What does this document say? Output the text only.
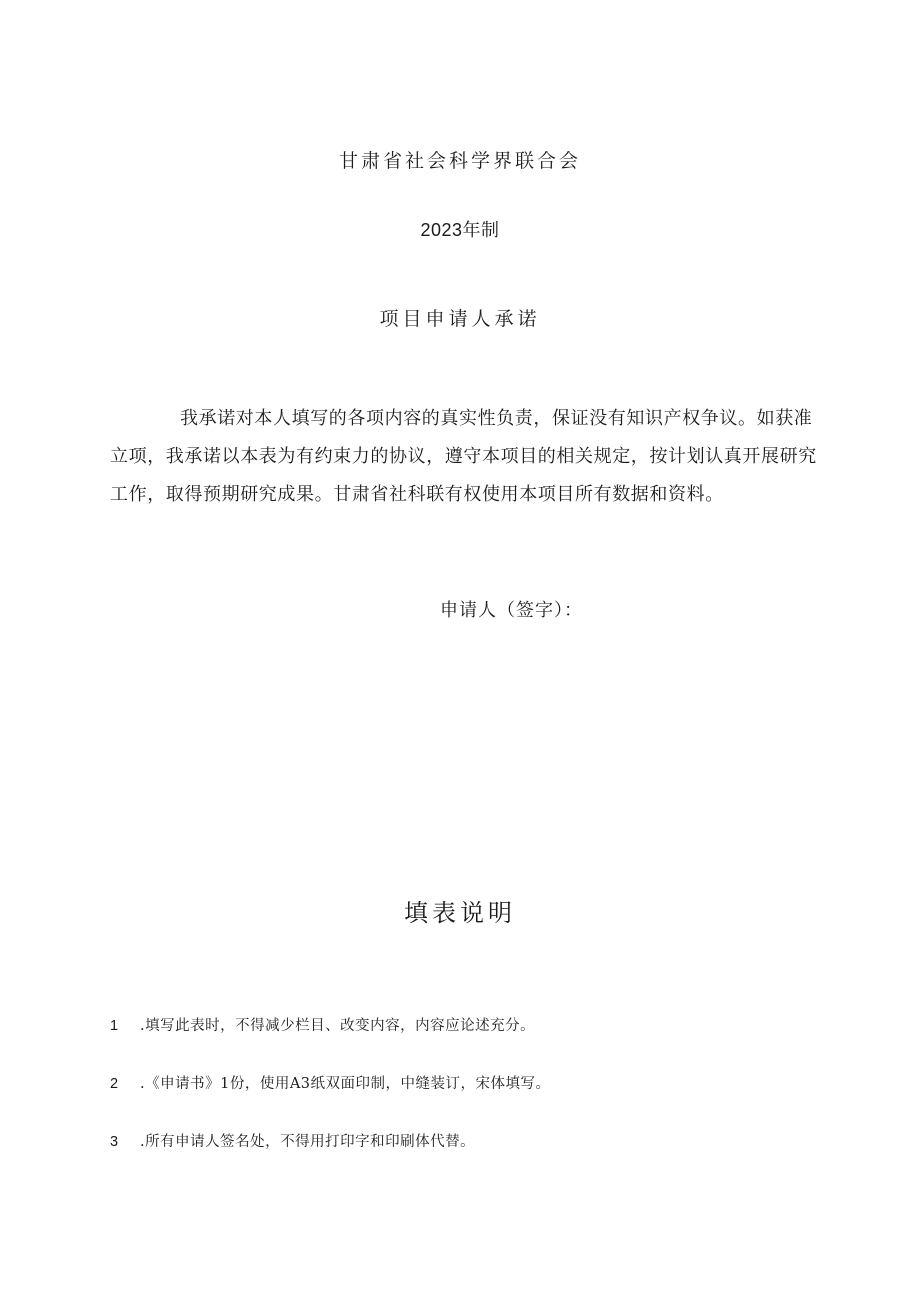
甘肃省社会科学界联合会
2023年制
项目申请人承诺
我承诺对本人填写的各项内容的真实性负责，保证没有知识产权争议。如获准
立项，我承诺以本表为有约束力的协议，遵守本项目的相关规定，按计划认真开展研究
工作，取得预期研究成果。甘肃省社科联有权使用本项目所有数据和资料。
申请人（签字）：
填表说明
1 .填写此表时，不得减少栏目、改变内容，内容应论述充分。
2 .《申请书》1份，使用A3纸双面印制，中缝装订，宋体填写。
3 .所有申请人签名处，不得用打印字和印刷体代替。
